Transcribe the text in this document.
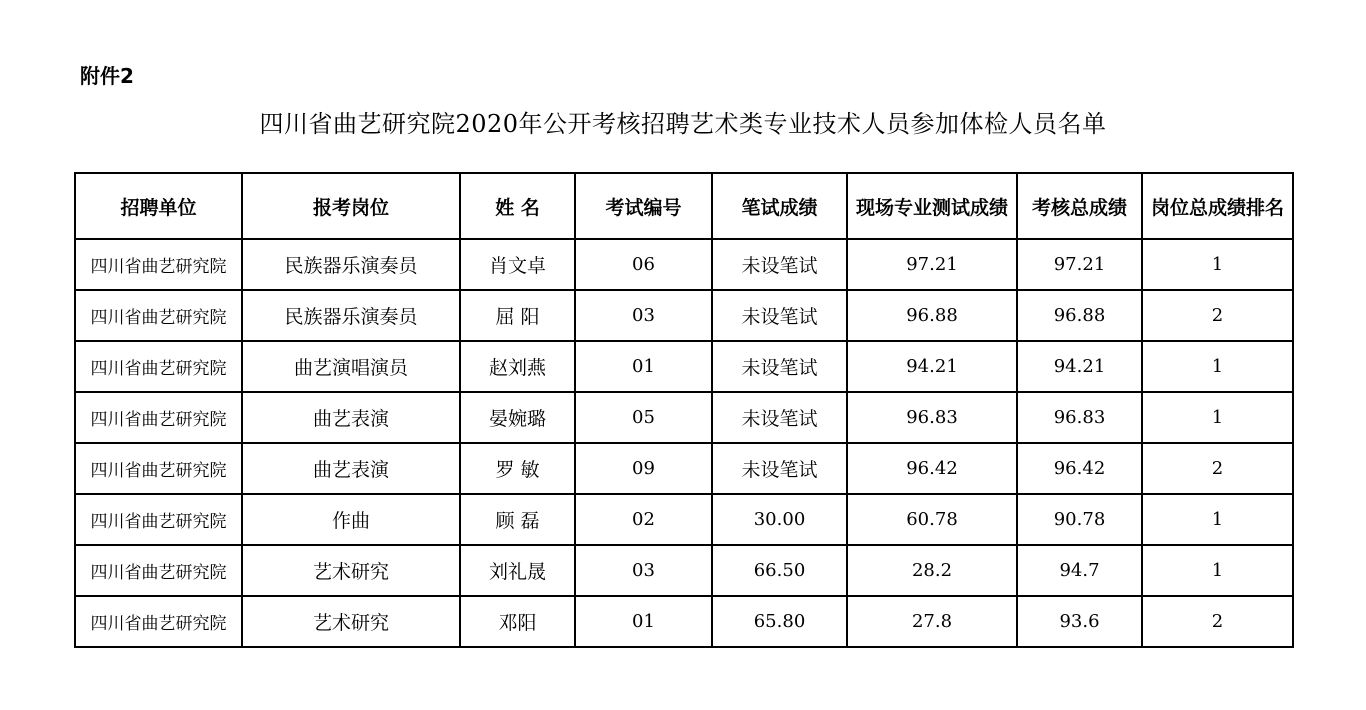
附件2
四川省曲艺研究院2020年公开考核招聘艺术类专业技术人员参加体检人员名单
招聘单位	报考岗位	姓 名	考试编号	笔试成绩	现场专业测试成绩	考核总成绩	岗位总成绩排名
四川省曲艺研究院	民族器乐演奏员	肖文卓	06	未设笔试	97.21	97.21	1
四川省曲艺研究院	民族器乐演奏员	屈 阳	03	未设笔试	96.88	96.88	2
四川省曲艺研究院	曲艺演唱演员	赵刘燕	01	未设笔试	94.21	94.21	1
四川省曲艺研究院	曲艺表演	晏婉璐	05	未设笔试	96.83	96.83	1
四川省曲艺研究院	曲艺表演	罗 敏	09	未设笔试	96.42	96.42	2
四川省曲艺研究院	作曲	顾 磊	02	30.00	60.78	90.78	1
四川省曲艺研究院	艺术研究	刘礼晟	03	66.50	28.2	94.7	1
四川省曲艺研究院	艺术研究	邓阳	01	65.80	27.8	93.6	2
